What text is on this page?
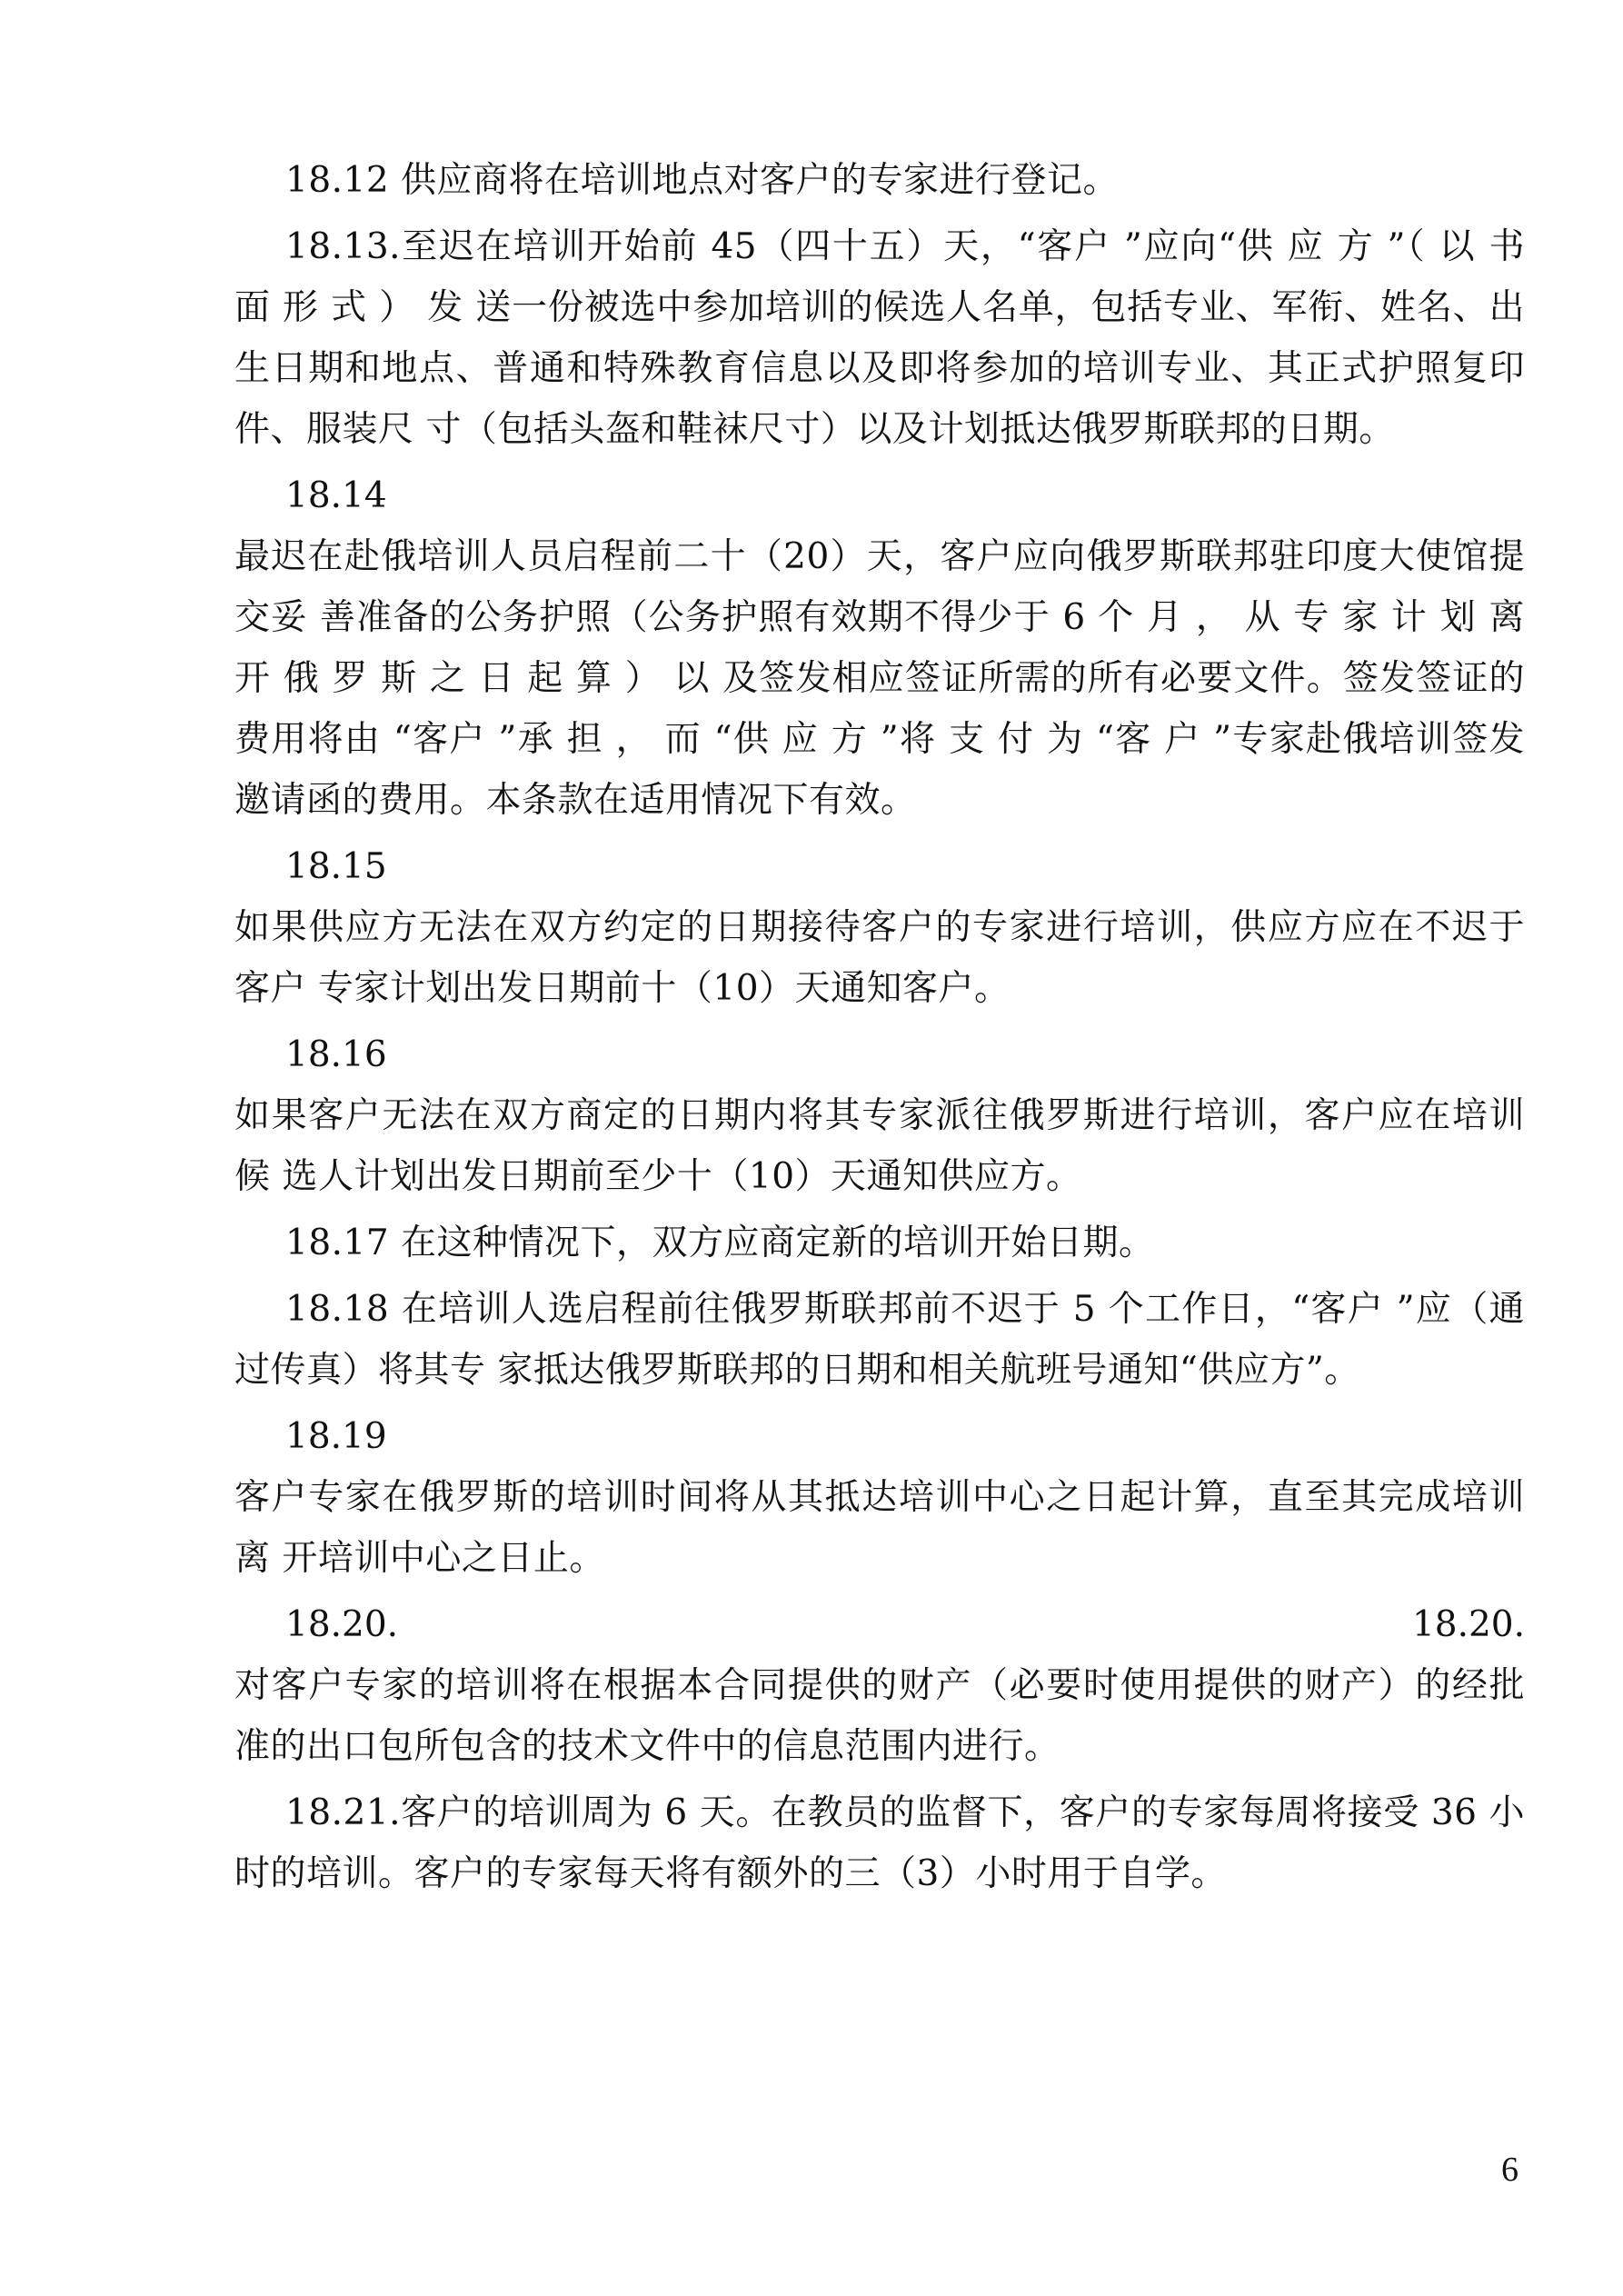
18.12 供应商将在培训地点对客户的专家进行登记。

18.13.至迟在培训开始前 45（四十五）天，“客户 ”应向“供 应 方 ”（ 以 书 面 形 式 ） 发 送一份被选中参加培训的候选人名单，包括专业、军衔、姓名、出生日期和地点、普通和特殊教育信息以及即将参加的培训专业、其正式护照复印件、服装尺 寸（包括头盔和鞋袜尺寸）以及计划抵达俄罗斯联邦的日期。

18.14

最迟在赴俄培训人员启程前二十（20）天，客户应向俄罗斯联邦驻印度大使馆提交妥 善准备的公务护照（公务护照有效期不得少于 6 个 月 ， 从 专 家 计 划 离 开 俄 罗 斯 之 日 起 算 ） 以 及签发相应签证所需的所有必要文件。签发签证的费用将由 “客户 ”承 担 ， 而 “供 应 方 ”将 支 付 为 “客 户 ”专家赴俄培训签发邀请函的费用。本条款在适用情况下有效。

18.15

如果供应方无法在双方约定的日期接待客户的专家进行培训，供应方应在不迟于客户 专家计划出发日期前十（10）天通知客户。

18.16

如果客户无法在双方商定的日期内将其专家派往俄罗斯进行培训，客户应在培训候 选人计划出发日期前至少十（10）天通知供应方。

18.17 在这种情况下，双方应商定新的培训开始日期。

18.18 在培训人选启程前往俄罗斯联邦前不迟于 5 个工作日，“客户 ”应（通过传真）将其专 家抵达俄罗斯联邦的日期和相关航班号通知“供应方”。

18.19

客户专家在俄罗斯的培训时间将从其抵达培训中心之日起计算，直至其完成培训离 开培训中心之日止。

18.20.	18.20.

对客户专家的培训将在根据本合同提供的财产（必要时使用提供的财产）的经批 准的出口包所包含的技术文件中的信息范围内进行。

18.21.客户的培训周为 6 天。在教员的监督下，客户的专家每周将接受 36 小时的培训。客户的专家每天将有额外的三（3）小时用于自学。

6
